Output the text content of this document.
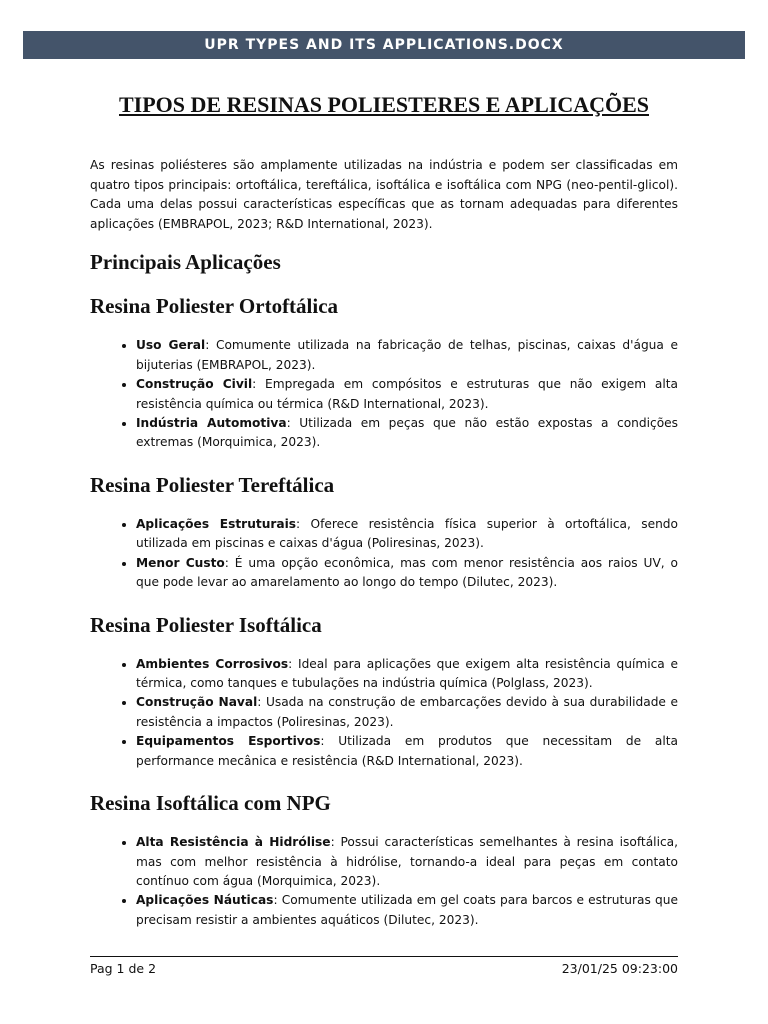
UPR TYPES AND ITS APPLICATIONS.DOCX
TIPOS DE RESINAS POLIESTERES E APLICAÇÕES

As resinas poliésteres são amplamente utilizadas na indústria e podem ser classificadas em quatro tipos principais: ortoftálica, tereftálica, isoftálica e isoftálica com NPG (neo-pentil-glicol). Cada uma delas possui características específicas que as tornam adequadas para diferentes aplicações (EMBRAPOL, 2023; R&D International, 2023).

Principais Aplicações
Resina Poliester Ortoftálica
• Uso Geral: Comumente utilizada na fabricação de telhas, piscinas, caixas d'água e bijuterias (EMBRAPOL, 2023).
• Construção Civil: Empregada em compósitos e estruturas que não exigem alta resistência química ou térmica (R&D International, 2023).
• Indústria Automotiva: Utilizada em peças que não estão expostas a condições extremas (Morquimica, 2023).
Resina Poliester Tereftálica
• Aplicações Estruturais: Oferece resistência física superior à ortoftálica, sendo utilizada em piscinas e caixas d'água (Poliresinas, 2023).
• Menor Custo: É uma opção econômica, mas com menor resistência aos raios UV, o que pode levar ao amarelamento ao longo do tempo (Dilutec, 2023).
Resina Poliester Isoftálica
• Ambientes Corrosivos: Ideal para aplicações que exigem alta resistência química e térmica, como tanques e tubulações na indústria química (Polglass, 2023).
• Construção Naval: Usada na construção de embarcações devido à sua durabilidade e resistência a impactos (Poliresinas, 2023).
• Equipamentos Esportivos: Utilizada em produtos que necessitam de alta performance mecânica e resistência (R&D International, 2023).
Resina Isoftálica com NPG
• Alta Resistência à Hidrólise: Possui características semelhantes à resina isoftálica, mas com melhor resistência à hidrólise, tornando-a ideal para peças em contato contínuo com água (Morquimica, 2023).
• Aplicações Náuticas: Comumente utilizada em gel coats para barcos e estruturas que precisam resistir a ambientes aquáticos (Dilutec, 2023).
Pag 1 de 2	23/01/25 09:23:00
